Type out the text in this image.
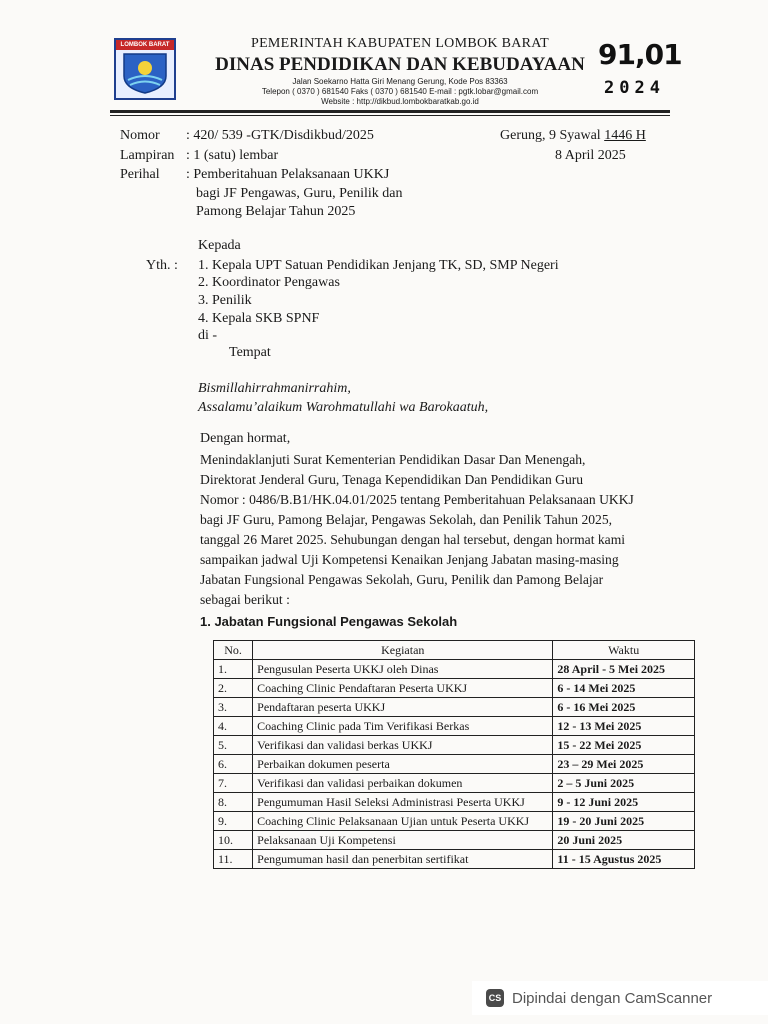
LOMBOK BARAT	PEMERINTAH KABUPATEN LOMBOK BARAT
DINAS PENDIDIKAN DAN KEBUDAYAAN
Jalan Soekarno Hatta Giri Menang Gerung, Kode Pos 83363
Telepon ( 0370 ) 681540 Faks ( 0370 ) 681540 E-mail : pgtk.lobar@gmail.com
Website : http://dikbud.lombokbaratkab.go.id
91,01
2024
Nomor : 420/ 539 -GTK/Disdikbud/2025
Lampiran : 1 (satu) lembar
Perihal : Pemberitahuan Pelaksanaan UKKJ
bagi JF Pengawas, Guru, Penilik dan
Pamong Belajar Tahun 2025
Gerung, 9 Syawal 1446 H
8 April 2025
Kepada
Yth. : 1. Kepala UPT Satuan Pendidikan Jenjang TK, SD, SMP Negeri
2. Koordinator Pengawas
3. Penilik
4. Kepala SKB SPNF
di -
Tempat
Bismillahirrahmanirrahim,
Assalamu’alaikum Warohmatullahi wa Barokaatuh,
Dengan hormat,
Menindaklanjuti Surat Kementerian Pendidikan Dasar Dan Menengah,
Direktorat Jenderal Guru, Tenaga Kependidikan Dan Pendidikan Guru
Nomor : 0486/B.B1/HK.04.01/2025 tentang Pemberitahuan Pelaksanaan UKKJ
bagi JF Guru, Pamong Belajar, Pengawas Sekolah, dan Penilik Tahun 2025,
tanggal 26 Maret 2025. Sehubungan dengan hal tersebut, dengan hormat kami
sampaikan jadwal Uji Kompetensi Kenaikan Jenjang Jabatan masing-masing
Jabatan Fungsional Pengawas Sekolah, Guru, Penilik dan Pamong Belajar
sebagai berikut :
1. Jabatan Fungsional Pengawas Sekolah
No.	Kegiatan	Waktu
1.	Pengusulan Peserta UKKJ oleh Dinas	28 April - 5 Mei 2025
2.	Coaching Clinic Pendaftaran Peserta UKKJ	6 - 14 Mei 2025
3.	Pendaftaran peserta UKKJ	6 - 16 Mei 2025
4.	Coaching Clinic pada Tim Verifikasi Berkas	12 - 13 Mei 2025
5.	Verifikasi dan validasi berkas UKKJ	15 - 22 Mei 2025
6.	Perbaikan dokumen peserta	23 – 29 Mei 2025
7.	Verifikasi dan validasi perbaikan dokumen	2 – 5 Juni 2025
8.	Pengumuman Hasil Seleksi Administrasi Peserta UKKJ	9 - 12 Juni 2025
9.	Coaching Clinic Pelaksanaan Ujian untuk Peserta UKKJ	19 - 20 Juni 2025
10.	Pelaksanaan Uji Kompetensi	20 Juni 2025
11.	Pengumuman hasil dan penerbitan sertifikat	11 - 15 Agustus 2025
CS Dipindai dengan CamScanner
